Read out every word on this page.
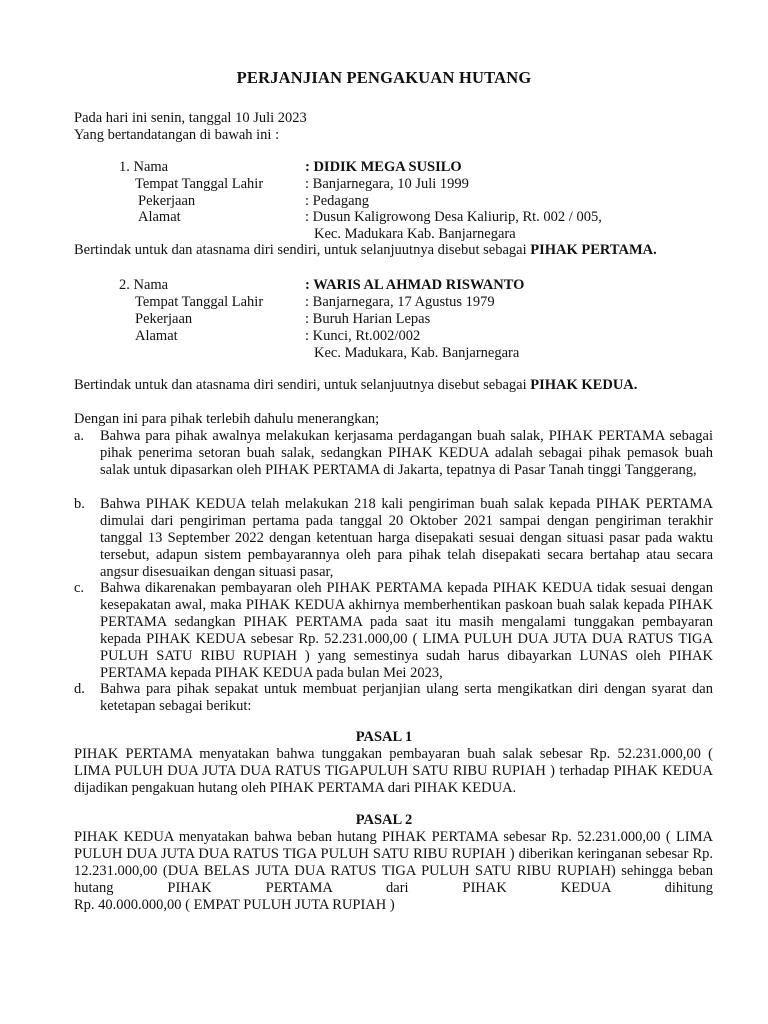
PERJANJIAN PENGAKUAN HUTANG
Pada hari ini senin, tanggal 10 Juli 2023
Yang bertandatangan di bawah ini :
1. Nama	: DIDIK MEGA SUSILO
Tempat Tanggal Lahir	: Banjarnegara, 10 Juli 1999
Pekerjaan	: Pedagang
Alamat	: Dusun Kaligrowong Desa Kaliurip, Rt. 002 / 005,
Kec. Madukara Kab. Banjarnegara
Bertindak untuk dan atasnama diri sendiri, untuk selanjuutnya disebut sebagai PIHAK PERTAMA.
2. Nama	: WARIS AL AHMAD RISWANTO
Tempat Tanggal Lahir	: Banjarnegara, 17 Agustus 1979
Pekerjaan	: Buruh Harian Lepas
Alamat	: Kunci, Rt.002/002
Kec. Madukara, Kab. Banjarnegara
Bertindak untuk dan atasnama diri sendiri, untuk selanjuutnya disebut sebagai PIHAK KEDUA.
Dengan ini para pihak terlebih dahulu menerangkan;
a. Bahwa para pihak awalnya melakukan kerjasama perdagangan buah salak, PIHAK PERTAMA sebagai pihak penerima setoran buah salak, sedangkan PIHAK KEDUA adalah sebagai pihak pemasok buah salak untuk dipasarkan oleh PIHAK PERTAMA di Jakarta, tepatnya di Pasar Tanah tinggi Tanggerang,
b. Bahwa PIHAK KEDUA telah melakukan 218 kali pengiriman buah salak kepada PIHAK PERTAMA dimulai dari pengiriman pertama pada tanggal 20 Oktober 2021 sampai dengan pengiriman terakhir tanggal 13 September 2022 dengan ketentuan harga disepakati sesuai dengan situasi pasar pada waktu tersebut, adapun sistem pembayarannya oleh para pihak telah disepakati secara bertahap atau secara angsur disesuaikan dengan situasi pasar,
c. Bahwa dikarenakan pembayaran oleh PIHAK PERTAMA kepada PIHAK KEDUA tidak sesuai dengan kesepakatan awal, maka PIHAK KEDUA akhirnya memberhentikan paskoan buah salak kepada PIHAK PERTAMA sedangkan PIHAK PERTAMA pada saat itu masih mengalami tunggakan pembayaran kepada PIHAK KEDUA sebesar Rp. 52.231.000,00 ( LIMA PULUH DUA JUTA DUA RATUS TIGA PULUH SATU RIBU RUPIAH ) yang semestinya sudah harus dibayarkan LUNAS oleh PIHAK PERTAMA kepada PIHAK KEDUA pada bulan Mei 2023,
d. Bahwa para pihak sepakat untuk membuat perjanjian ulang serta mengikatkan diri dengan syarat dan ketetapan sebagai berikut:
PASAL 1
PIHAK PERTAMA menyatakan bahwa tunggakan pembayaran buah salak sebesar Rp. 52.231.000,00 ( LIMA PULUH DUA JUTA DUA RATUS TIGAPULUH SATU RIBU RUPIAH ) terhadap PIHAK KEDUA dijadikan pengakuan hutang oleh PIHAK PERTAMA dari PIHAK KEDUA.
PASAL 2
PIHAK KEDUA menyatakan bahwa beban hutang PIHAK PERTAMA sebesar Rp. 52.231.000,00 ( LIMA PULUH DUA JUTA DUA RATUS TIGA PULUH SATU RIBU RUPIAH ) diberikan keringanan sebesar Rp. 12.231.000,00 (DUA BELAS JUTA DUA RATUS TIGA PULUH SATU RIBU RUPIAH) sehingga beban hutang PIHAK PERTAMA dari PIHAK KEDUA dihitung
Rp. 40.000.000,00 ( EMPAT PULUH JUTA RUPIAH )
